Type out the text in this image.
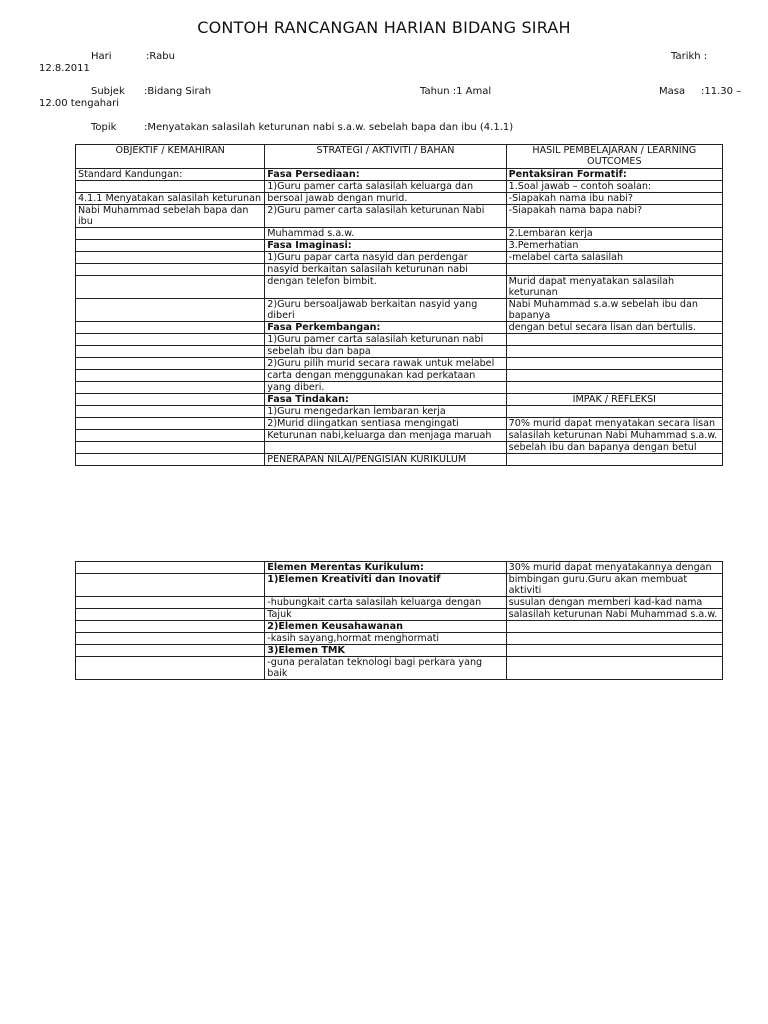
CONTOH RANCANGAN HARIAN BIDANG SIRAH
Hari	:Rabu	Tarikh :
12.8.2011
Subjek :Bidang Sirah	Tahun :1 Amal	Masa :11.30 –
12.00 tengahari
Topik	:Menyatakan salasilah keturunan nabi s.a.w. sebelah bapa dan ibu (4.1.1)
OBJEKTIF / KEMAHIRAN	STRATEGI / AKTIVITI / BAHAN	HASIL PEMBELAJARAN / LEARNING OUTCOMES
Standard Kandungan:	Fasa Persediaan:	Pentaksiran Formatif:
	1)Guru pamer carta salasilah keluarga dan	1.Soal jawab – contoh soalan:
4.1.1 Menyatakan salasilah keturunan	bersoal jawab dengan murid.	-Siapakah nama ibu nabi?
Nabi Muhammad sebelah bapa dan ibu	2)Guru pamer carta salasilah keturunan Nabi	-Siapakah nama bapa nabi?
	Muhammad s.a.w.	2.Lembaran kerja
	Fasa Imaginasi:	3.Pemerhatian
	1)Guru papar carta nasyid dan perdengar	-melabel carta salasilah
	nasyid berkaitan salasilah keturunan nabi	
	dengan telefon bimbit.	Murid dapat menyatakan salasilah keturunan
	2)Guru bersoaljawab berkaitan nasyid yang diberi	Nabi Muhammad s.a.w sebelah ibu dan bapanya
	Fasa Perkembangan:	dengan betul secara lisan dan bertulis.
	1)Guru pamer carta salasilah keturunan nabi	
	sebelah ibu dan bapa	
	2)Guru pilih murid secara rawak untuk melabel	
	carta dengan menggunakan kad perkataan	
	yang diberi.	
	Fasa Tindakan:	IMPAK / REFLEKSI
	1)Guru mengedarkan lembaran kerja	
	2)Murid diingatkan sentiasa mengingati	70% murid dapat menyatakan secara lisan
	Keturunan nabi,keluarga dan menjaga maruah	salasilah keturunan Nabi Muhammad s.a.w.
		sebelah ibu dan bapanya dengan betul
	PENERAPAN NILAI/PENGISIAN KURIKULUM	
	Elemen Merentas Kurikulum:	30% murid dapat menyatakannya dengan
	1)Elemen Kreativiti dan Inovatif	bimbingan guru.Guru akan membuat aktiviti
	-hubungkait carta salasilah keluarga dengan	susulan dengan memberi kad-kad nama
	Tajuk	salasilah keturunan Nabi Muhammad s.a.w.
	2)Elemen Keusahawanan	
	-kasih sayang,hormat menghormati	
	3)Elemen TMK	
	-guna peralatan teknologi bagi perkara yang baik	
